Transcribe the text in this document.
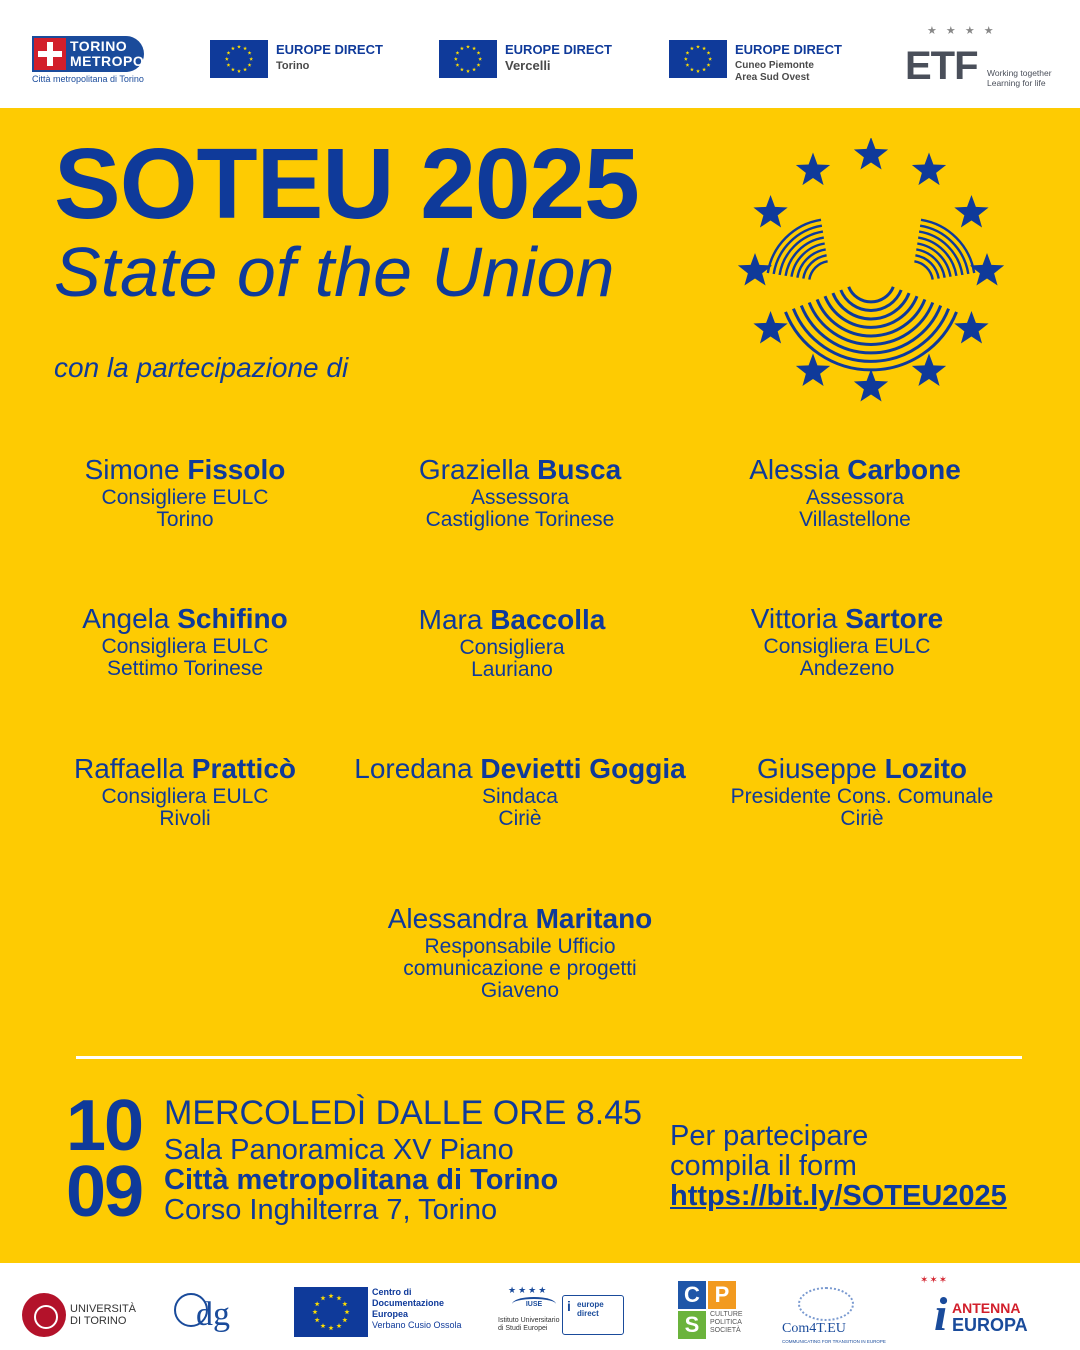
TORINO
METROPOLI
Città metropolitana di Torino
EUROPE DIRECT
Torino
EUROPE DIRECT
Vercelli
EUROPE DIRECT
Cuneo Piemonte Area Sud Ovest
★ ★ ★ ★
ETF Working together
Learning for life
SOTEU 2025
State of the Union
con la partecipazione di
Simone Fissolo
Consigliere EULC
Torino
Graziella Busca
Assessora
Castiglione Torinese
Alessia Carbone
Assessora
Villastellone
Angela Schifino
Consigliera EULC
Settimo Torinese
Mara Baccolla
Consigliera
Lauriano
Vittoria Sartore
Consigliera EULC
Andezeno
Raffaella Pratticò
Consigliera EULC
Rivoli
Loredana Devietti Goggia
Sindaca
Ciriè
Giuseppe Lozito
Presidente Cons. Comunale
Ciriè
Alessandra Maritano
Responsabile Ufficio
comunicazione e progetti
Giaveno
10
09
MERCOLEDÌ DALLE ORE 8.45
Sala Panoramica XV Piano
Città metropolitana di Torino
Corso Inghilterra 7, Torino
Per partecipare
compila il form
https://bit.ly/SOTEU2025
UNIVERSITÀ
DI TORINO dg
Centro di
Documentazione
Europea
Verbano Cusio Ossola
★★★★
IUSE
Istituto Universitario
di Studi Europei
i europe direct
C P
S	CULTURE
POLITICA
SOCIETÀ	Com4T.EU
COMMUNICATING FOR TRANSITION IN EUROPE
✶✶✶
i ANTENNA
EUROPA
